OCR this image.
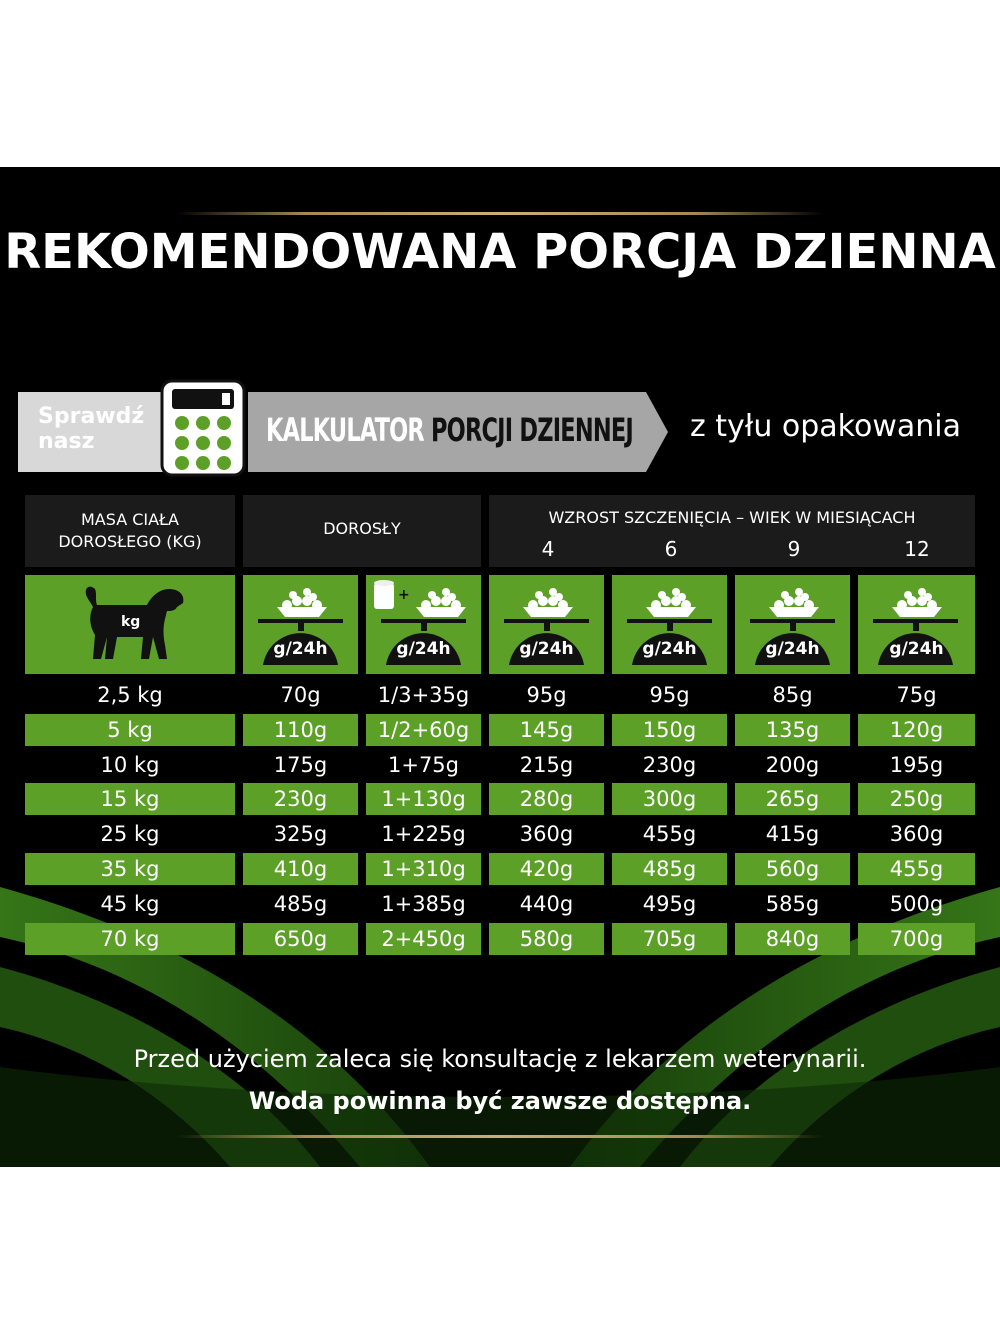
REKOMENDOWANA PORCJA DZIENNA
Sprawdź
nasz	KALKULATOR PORCJI DZIENNEJ z tyłu opakowania
MASA CIAŁA
DOROSŁEGO (KG)
DOROSŁY
WZROST SZCZENIĘCIA – WIEK W MIESIĄCACH
4	6	9	12
kg
g/24h
+
g/24h	g/24h	g/24h	g/24h	g/24h
2,5 kg	70g	1/3+35g	95g	95g	85g	75g
5 kg	110g	1/2+60g	145g	150g	135g	120g
10 kg	175g	1+75g	215g	230g	200g	195g
15 kg	230g	1+130g	280g	300g	265g	250g
25 kg	325g	1+225g	360g	455g	415g	360g
35 kg	410g	1+310g	420g	485g	560g	455g
45 kg	485g	1+385g	440g	495g	585g	500g
70 kg	650g	2+450g	580g	705g	840g	700g
Przed użyciem zaleca się konsultację z lekarzem weterynarii.
Woda powinna być zawsze dostępna.
